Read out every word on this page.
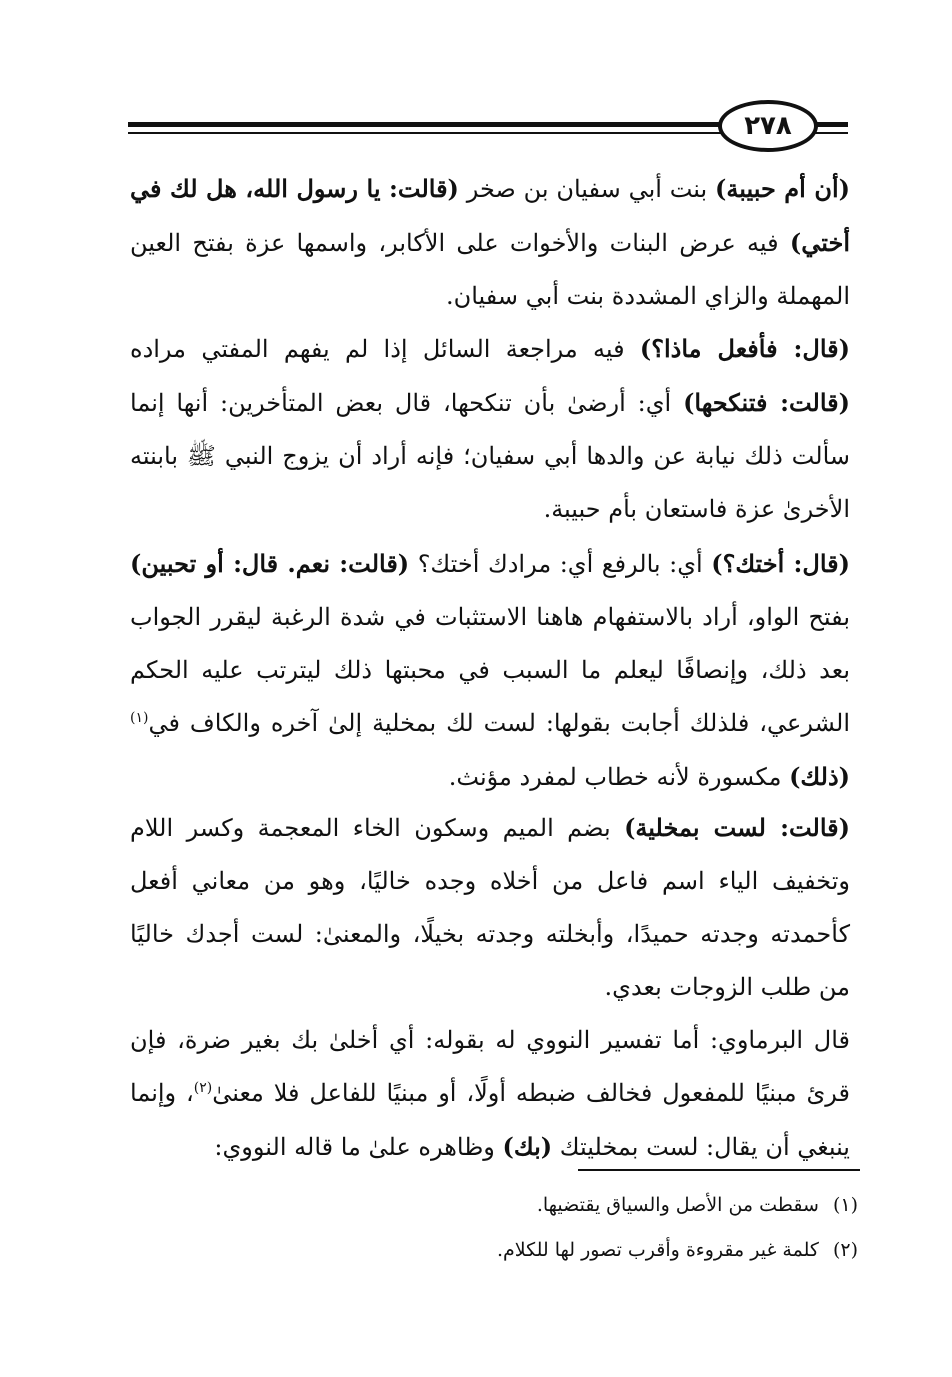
٢٧٨

(أن أم حبيبة) بنت أبي سفيان بن صخر (قالت: يا رسول الله، هل لك في أختي) فيه عرض البنات والأخوات على الأكابر، واسمها عزة بفتح العين المهملة والزاي المشددة بنت أبي سفيان.

(قال: فأفعل ماذا؟) فيه مراجعة السائل إذا لم يفهم المفتي مراده (قالت: فتنكحها) أي: أرضىٰ بأن تنكحها، قال بعض المتأخرين: أنها إنما سألت ذلك نيابة عن والدها أبي سفيان؛ فإنه أراد أن يزوج النبي ﷺ بابنته الأخرىٰ عزة فاستعان بأم حبيبة.

(قال: أختك؟) أي: بالرفع أي: مرادك أختك؟ (قالت: نعم. قال: أو تحبين) بفتح الواو، أراد بالاستفهام هاهنا الاستثبات في شدة الرغبة ليقرر الجواب بعد ذلك، وإنصافًا ليعلم ما السبب في محبتها ذلك ليترتب عليه الحكم الشرعي، فلذلك أجابت بقولها: لست لك بمخلية إلىٰ آخره والكاف في$^{(١)}$ (ذلك) مكسورة لأنه خطاب لمفرد مؤنث.

(قالت: لست بمخلية) بضم الميم وسكون الخاء المعجمة وكسر اللام وتخفيف الياء اسم فاعل من أخلاه وجده خاليًا، وهو من معاني أفعل كأحمدته وجدته حميدًا، وأبخلته وجدته بخيلًا، والمعنىٰ: لست أجدك خاليًا من طلب الزوجات بعدي.

قال البرماوي: أما تفسير النووي له بقوله: أي أخلىٰ بك بغير ضرة، فإن قرئ مبنيًا للمفعول فخالف ضبطه أولًا، أو مبنيًا للفاعل فلا معنىٰ$^{(٢)}$، وإنما ينبغي أن يقال: لست بمخليتك (بك) وظاهره علىٰ ما قاله النووي:

(١)سقطت من الأصل والسياق يقتضيها.
(٢)كلمة غير مقروءة وأقرب تصور لها للكلام.
